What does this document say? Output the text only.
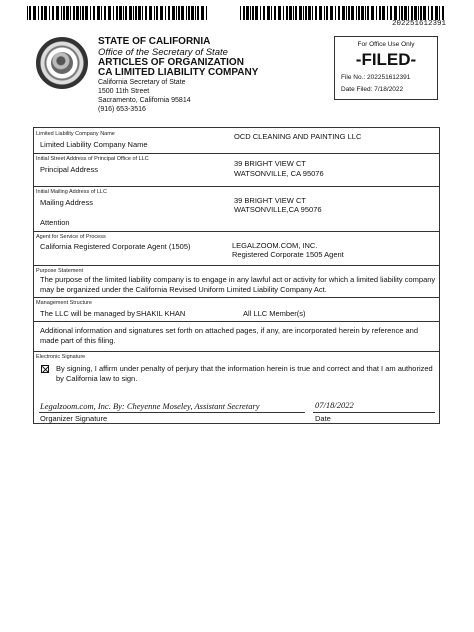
202251612391
STATE OF CALIFORNIA
Office of the Secretary of State
ARTICLES OF ORGANIZATION
CA LIMITED LIABILITY COMPANY
California Secretary of State
1500 11th Street
Sacramento, California 95814
(916) 653-3516
For Office Use Only
-FILED-
File No.: 202251612391
Date Filed: 7/18/2022
Limited Liability Company Name
Limited Liability Company Name
OCD CLEANING AND PAINTING LLC
Initial Street Address of Principal Office of LLC
Principal Address
39 BRIGHT VIEW CT
WATSONVILLE, CA 95076
Initial Mailing Address of LLC
Mailing Address	39 BRIGHT VIEW CT
WATSONVILLE,CA 95076
Attention
Agent for Service of Process
California Registered Corporate Agent (1505)	LEGALZOOM.COM, INC.
Registered Corporate 1505 Agent
Purpose Statement
The purpose of the limited liability company is to engage in any lawful act or activity for which a limited liability company may be organized under the California Revised Uniform Limited Liability Company Act.
Management Structure
The LLC will be managed by SHAKIL KHAN	All LLC Member(s)
Additional information and signatures set forth on attached pages, if any, are incorporated herein by reference and made part of this filing.
Electronic Signature
By signing, I affirm under penalty of perjury that the information herein is true and correct and that I am authorized by California law to sign.
Legalzoom.com, Inc. By: Cheyenne Moseley, Assistant Secretary	07/18/2022
Organizer Signature	Date
